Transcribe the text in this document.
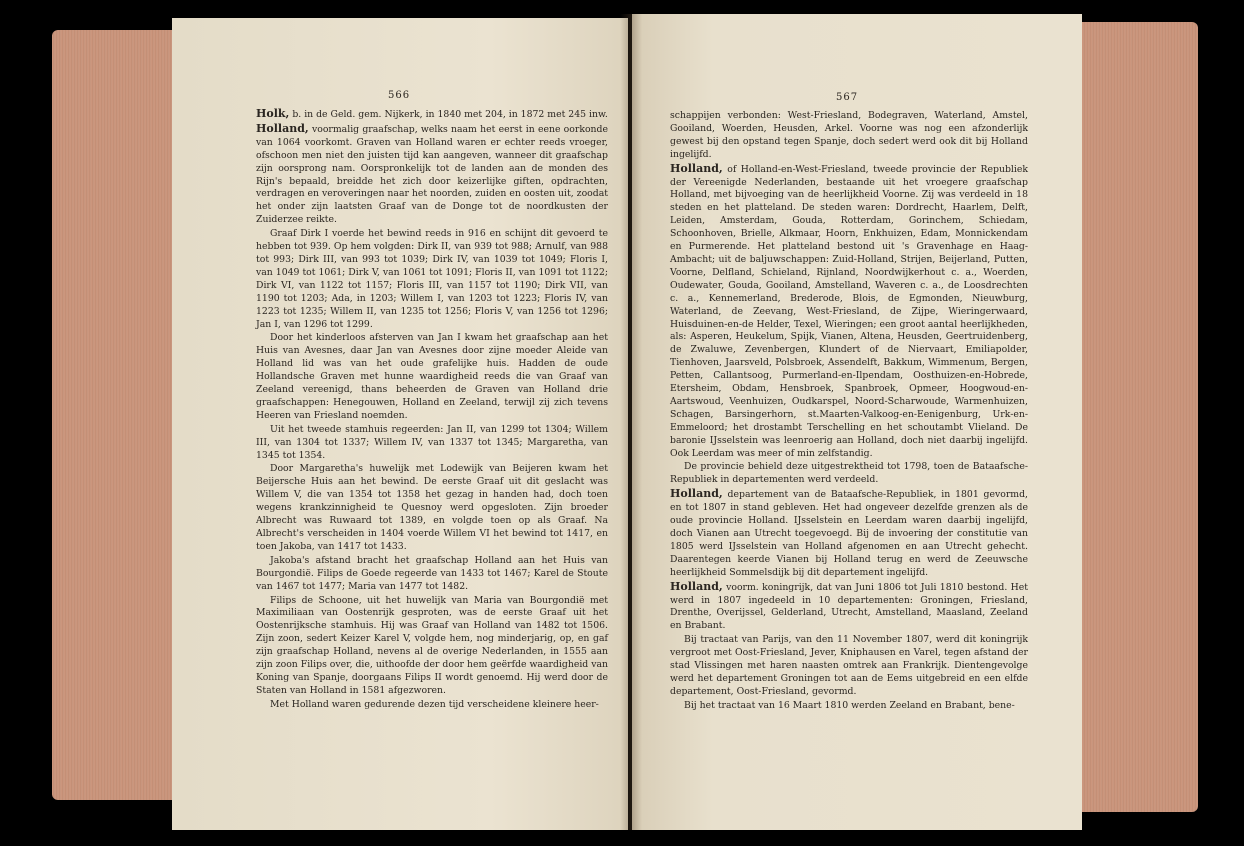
566

Holk, b. in de Geld. gem. Nijkerk, in 1840 met 204, in 1872 met 245 inw.

Holland, voormalig graafschap, welks naam het eerst in eene oorkonde van 1064 voorkomt. Graven van Holland waren er echter reeds vroeger, ofschoon men niet den juisten tijd kan aangeven, wanneer dit graafschap zijn oorsprong nam. Oorspronkelijk tot de landen aan de monden des Rijn's bepaald, breidde het zich door keizerlijke giften, opdrachten, verdragen en veroveringen naar het noorden, zuiden en oosten uit, zoodat het onder zijn laatsten Graaf van de Donge tot de noordkusten der Zuiderzee reikte.

Graaf Dirk I voerde het bewind reeds in 916 en schijnt dit gevoerd te hebben tot 939. Op hem volgden: Dirk II, van 939 tot 988; Arnulf, van 988 tot 993; Dirk III, van 993 tot 1039; Dirk IV, van 1039 tot 1049; Floris I, van 1049 tot 1061; Dirk V, van 1061 tot 1091; Floris II, van 1091 tot 1122; Dirk VI, van 1122 tot 1157; Floris III, van 1157 tot 1190; Dirk VII, van 1190 tot 1203; Ada, in 1203; Willem I, van 1203 tot 1223; Floris IV, van 1223 tot 1235; Willem II, van 1235 tot 1256; Floris V, van 1256 tot 1296; Jan I, van 1296 tot 1299.

Door het kinderloos afsterven van Jan I kwam het graafschap aan het Huis van Avesnes, daar Jan van Avesnes door zijne moeder Aleide van Holland lid was van het oude grafelijke huis. Hadden de oude Hollandsche Graven met hunne waardigheid reeds die van Graaf van Zeeland vereenigd, thans beheerden de Graven van Holland drie graafschappen: Henegouwen, Holland en Zeeland, terwijl zij zich tevens Heeren van Friesland noemden.

Uit het tweede stamhuis regeerden: Jan II, van 1299 tot 1304; Willem III, van 1304 tot 1337; Willem IV, van 1337 tot 1345; Margaretha, van 1345 tot 1354.

Door Margaretha's huwelijk met Lodewijk van Beijeren kwam het Beijersche Huis aan het bewind. De eerste Graaf uit dit geslacht was Willem V, die van 1354 tot 1358 het gezag in handen had, doch toen wegens krankzinnigheid te Quesnoy werd opgesloten. Zijn broeder Albrecht was Ruwaard tot 1389, en volgde toen op als Graaf. Na Albrecht's verscheiden in 1404 voerde Willem VI het bewind tot 1417, en toen Jakoba, van 1417 tot 1433.

Jakoba's afstand bracht het graafschap Holland aan het Huis van Bourgondië. Filips de Goede regeerde van 1433 tot 1467; Karel de Stoute van 1467 tot 1477; Maria van 1477 tot 1482.

Filips de Schoone, uit het huwelijk van Maria van Bourgondië met Maximiliaan van Oostenrijk gesproten, was de eerste Graaf uit het Oostenrijksche stamhuis. Hij was Graaf van Holland van 1482 tot 1506. Zijn zoon, sedert Keizer Karel V, volgde hem, nog minderjarig, op, en gaf zijn graafschap Holland, nevens al de overige Nederlanden, in 1555 aan zijn zoon Filips over, die, uithoofde der door hem geërfde waardigheid van Koning van Spanje, doorgaans Filips II wordt genoemd. Hij werd door de Staten van Holland in 1581 afgezworen.

Met Holland waren gedurende dezen tijd verscheidene kleinere heer-

567

schappijen verbonden: West-Friesland, Bodegraven, Waterland, Amstel, Gooiland, Woerden, Heusden, Arkel. Voorne was nog een afzonderlijk gewest bij den opstand tegen Spanje, doch sedert werd ook dit bij Holland ingelijfd.

Holland, of Holland-en-West-Friesland, tweede provincie der Republiek der Vereenigde Nederlanden, bestaande uit het vroegere graafschap Holland, met bijvoeging van de heerlijkheid Voorne. Zij was verdeeld in 18 steden en het platteland. De steden waren: Dordrecht, Haarlem, Delft, Leiden, Amsterdam, Gouda, Rotterdam, Gorinchem, Schiedam, Schoonhoven, Brielle, Alkmaar, Hoorn, Enkhuizen, Edam, Monnickendam en Purmerende. Het platteland bestond uit 's Gravenhage en Haag-Ambacht; uit de baljuwschappen: Zuid-Holland, Strijen, Beijerland, Putten, Voorne, Delfland, Schieland, Rijnland, Noordwijkerhout c. a., Woerden, Oudewater, Gouda, Gooiland, Amstelland, Waveren c. a., de Loosdrechten c. a., Kennemerland, Brederode, Blois, de Egmonden, Nieuwburg, Waterland, de Zeevang, West-Friesland, de Zijpe, Wieringerwaard, Huisduinen-en-de Helder, Texel, Wieringen; een groot aantal heerlijkheden, als: Asperen, Heukelum, Spijk, Vianen, Altena, Heusden, Geertruidenberg, de Zwaluwe, Zevenbergen, Klundert of de Niervaart, Emiliapolder, Tienhoven, Jaarsveld, Polsbroek, Assendelft, Bakkum, Wimmenum, Bergen, Petten, Callantsoog, Purmerland-en-Ilpendam, Oosthuizen-en-Hobrede, Etersheim, Obdam, Hensbroek, Spanbroek, Opmeer, Hoogwoud-en-Aartswoud, Veenhuizen, Oudkarspel, Noord-Scharwoude, Warmenhuizen, Schagen, Barsingerhorn, st.Maarten-Valkoog-en-Eenigenburg, Urk-en-Emmeloord; het drostambt Terschelling en het schoutambt Vlieland. De baronie IJsselstein was leenroerig aan Holland, doch niet daarbij ingelijfd. Ook Leerdam was meer of min zelfstandig.

De provincie behield deze uitgestrektheid tot 1798, toen de Bataafsche-Republiek in departementen werd verdeeld.

Holland, departement van de Bataafsche-Republiek, in 1801 gevormd, en tot 1807 in stand gebleven. Het had ongeveer dezelfde grenzen als de oude provincie Holland. IJsselstein en Leerdam waren daarbij ingelijfd, doch Vianen aan Utrecht toegevoegd. Bij de invoering der constitutie van 1805 werd IJsselstein van Holland afgenomen en aan Utrecht gehecht. Daarentegen keerde Vianen bij Holland terug en werd de Zeeuwsche heerlijkheid Sommelsdijk bij dit departement ingelijfd.

Holland, voorm. koningrijk, dat van Juni 1806 tot Juli 1810 bestond. Het werd in 1807 ingedeeld in 10 departementen: Groningen, Friesland, Drenthe, Overijssel, Gelderland, Utrecht, Amstelland, Maasland, Zeeland en Brabant.

Bij tractaat van Parijs, van den 11 November 1807, werd dit koningrijk vergroot met Oost-Friesland, Jever, Kniphausen en Varel, tegen afstand der stad Vlissingen met haren naasten omtrek aan Frankrijk. Dientengevolge werd het departement Groningen tot aan de Eems uitgebreid en een elfde departement, Oost-Friesland, gevormd.

Bij het tractaat van 16 Maart 1810 werden Zeeland en Brabant, bene-
